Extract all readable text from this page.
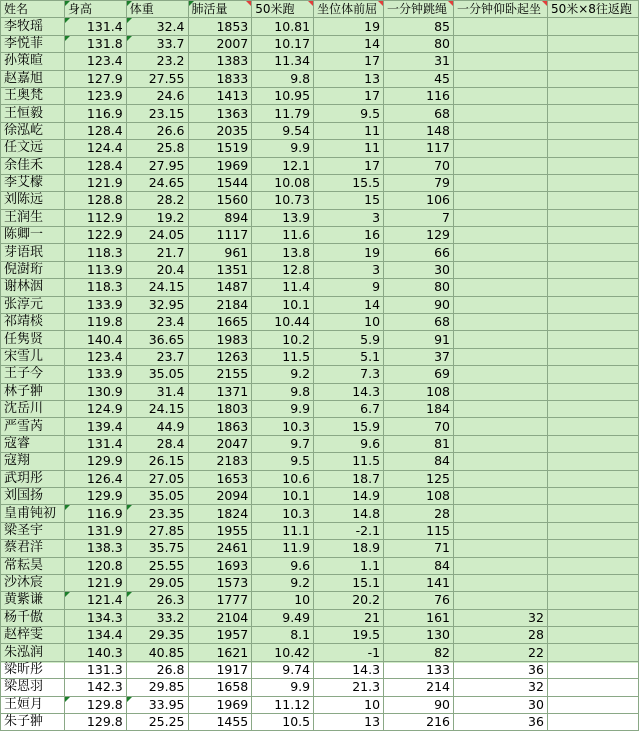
姓名	身高	体重	肺活量	50米跑	坐位体前屈	一分钟跳绳	一分钟仰卧起坐	50米×8往返跑
李牧瑶	131.4	32.4	1853	10.81	19	85		
李悦菲	131.8	33.7	2007	10.17	14	80		
孙策暄	123.4	23.2	1383	11.34	17	31		
赵嘉旭	127.9	27.55	1833	9.8	13	45		
王奥梵	123.9	24.6	1413	10.95	17	116		
王恒毅	116.9	23.15	1363	11.79	9.5	68		
徐泓屹	128.4	26.6	2035	9.54	11	148		
任文远	124.4	25.8	1519	9.9	11	117		
余佳禾	128.4	27.95	1969	12.1	17	70		
李艾檬	121.9	24.65	1544	10.08	15.5	79		
刘陈远	128.8	28.2	1560	10.73	15	106		
王润生	112.9	19.2	894	13.9	3	7		
陈卿一	122.9	24.05	1117	11.6	16	129		
芽语珉	118.3	21.7	961	13.8	19	66		
倪澍珩	113.9	20.4	1351	12.8	3	30		
谢林洇	118.3	24.15	1487	11.4	9	80		
张淳元	133.9	32.95	2184	10.1	14	90		
祁靖棪	119.8	23.4	1665	10.44	10	68		
任隽贤	140.4	36.65	1983	10.2	5.9	91		
宋雪儿	123.4	23.7	1263	11.5	5.1	37		
王子今	133.9	35.05	2155	9.2	7.3	69		
林子翀	130.9	31.4	1371	9.8	14.3	108		
沈岳川	124.9	24.15	1803	9.9	6.7	184		
严雪芮	139.4	44.9	1863	10.3	15.9	70		
寇睿	131.4	28.4	2047	9.7	9.6	81		
寇翔	129.9	26.15	2183	9.5	11.5	84		
武玥彤	126.4	27.05	1653	10.6	18.7	125		
刘国扬	129.9	35.05	2094	10.1	14.9	108		
皇甫钝初	116.9	23.35	1824	10.3	14.8	28		
梁圣宇	131.9	27.85	1955	11.1	-2.1	115		
蔡君洋	138.3	35.75	2461	11.9	18.9	71		
常耘昊	120.8	25.55	1693	9.6	1.1	84		
沙沐宸	121.9	29.05	1573	9.2	15.1	141		
黄紫谦	121.4	26.3	1777	10	20.2	76		
杨千傲	134.3	33.2	2104	9.49	21	161	32	
赵梓雯	134.4	29.35	1957	8.1	19.5	130	28	
朱泓润	140.3	40.85	1621	10.42	-1	82	22	
梁昕彤	131.3	26.8	1917	9.74	14.3	133	36	
梁恩羽	142.3	29.85	1658	9.9	21.3	214	32	
王姮月	129.8	33.95	1969	11.12	10	90	30	
朱子翀	129.8	25.25	1455	10.5	13	216	36	
